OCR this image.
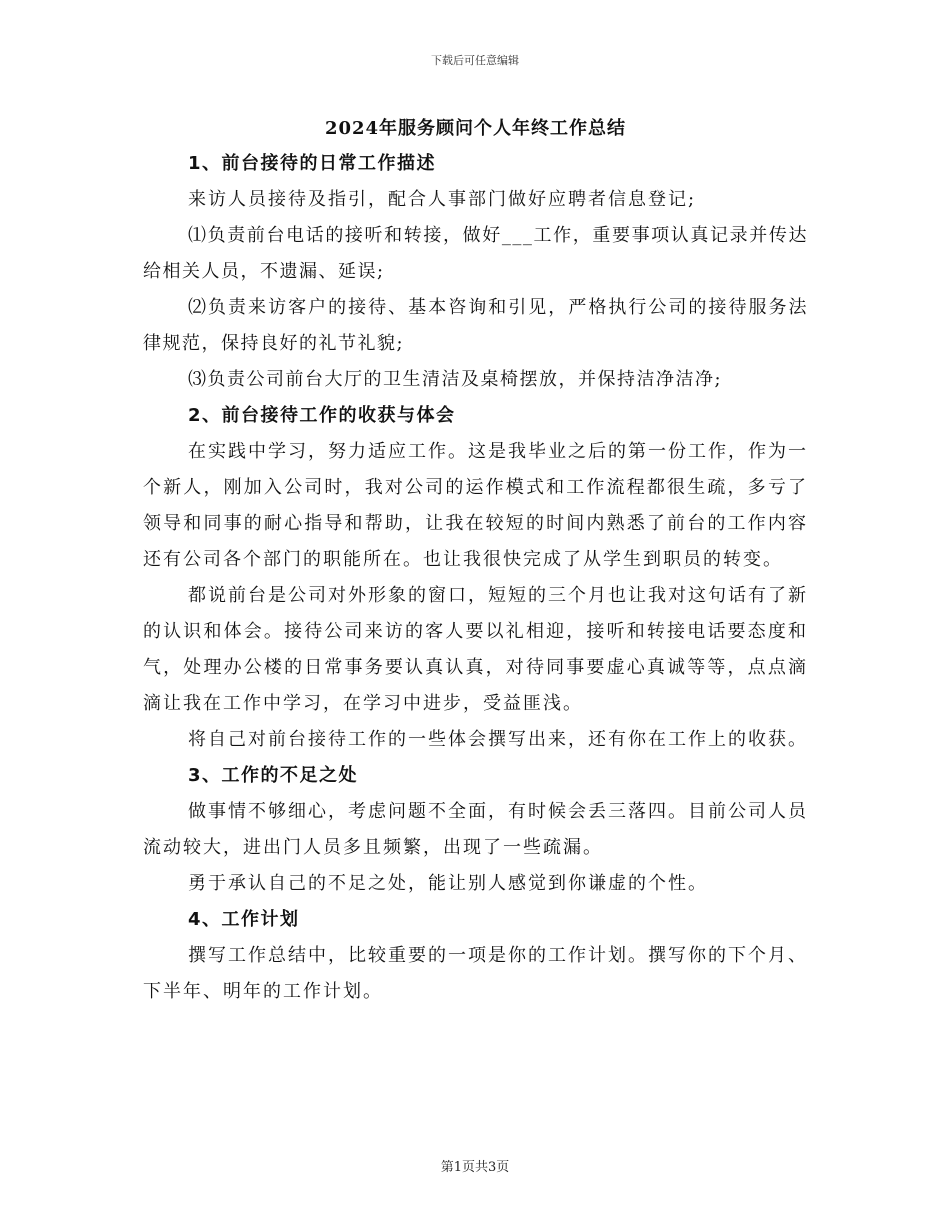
下载后可任意编辑
2024年服务顾问个人年终工作总结
1、前台接待的日常工作描述

来访人员接待及指引，配合人事部门做好应聘者信息登记;

⑴负责前台电话的接听和转接，做好___工作，重要事项认真记录并传达给相关人员，不遗漏、延误;

⑵负责来访客户的接待、基本咨询和引见，严格执行公司的接待服务法律规范，保持良好的礼节礼貌;

⑶负责公司前台大厅的卫生清洁及桌椅摆放，并保持洁净洁净;

2、前台接待工作的收获与体会

在实践中学习，努力适应工作。这是我毕业之后的第一份工作，作为一个新人，刚加入公司时，我对公司的运作模式和工作流程都很生疏，多亏了领导和同事的耐心指导和帮助，让我在较短的时间内熟悉了前台的工作内容还有公司各个部门的职能所在。也让我很快完成了从学生到职员的转变。

都说前台是公司对外形象的窗口，短短的三个月也让我对这句话有了新的认识和体会。接待公司来访的客人要以礼相迎，接听和转接电话要态度和气，处理办公楼的日常事务要认真认真，对待同事要虚心真诚等等，点点滴滴让我在工作中学习，在学习中进步，受益匪浅。

将自己对前台接待工作的一些体会撰写出来，还有你在工作上的收获。

3、工作的不足之处

做事情不够细心，考虑问题不全面，有时候会丢三落四。目前公司人员流动较大，进出门人员多且频繁，出现了一些疏漏。

勇于承认自己的不足之处，能让别人感觉到你谦虚的个性。

4、工作计划

撰写工作总结中，比较重要的一项是你的工作计划。撰写你的下个月、下半年、明年的工作计划。

第1页共3页
